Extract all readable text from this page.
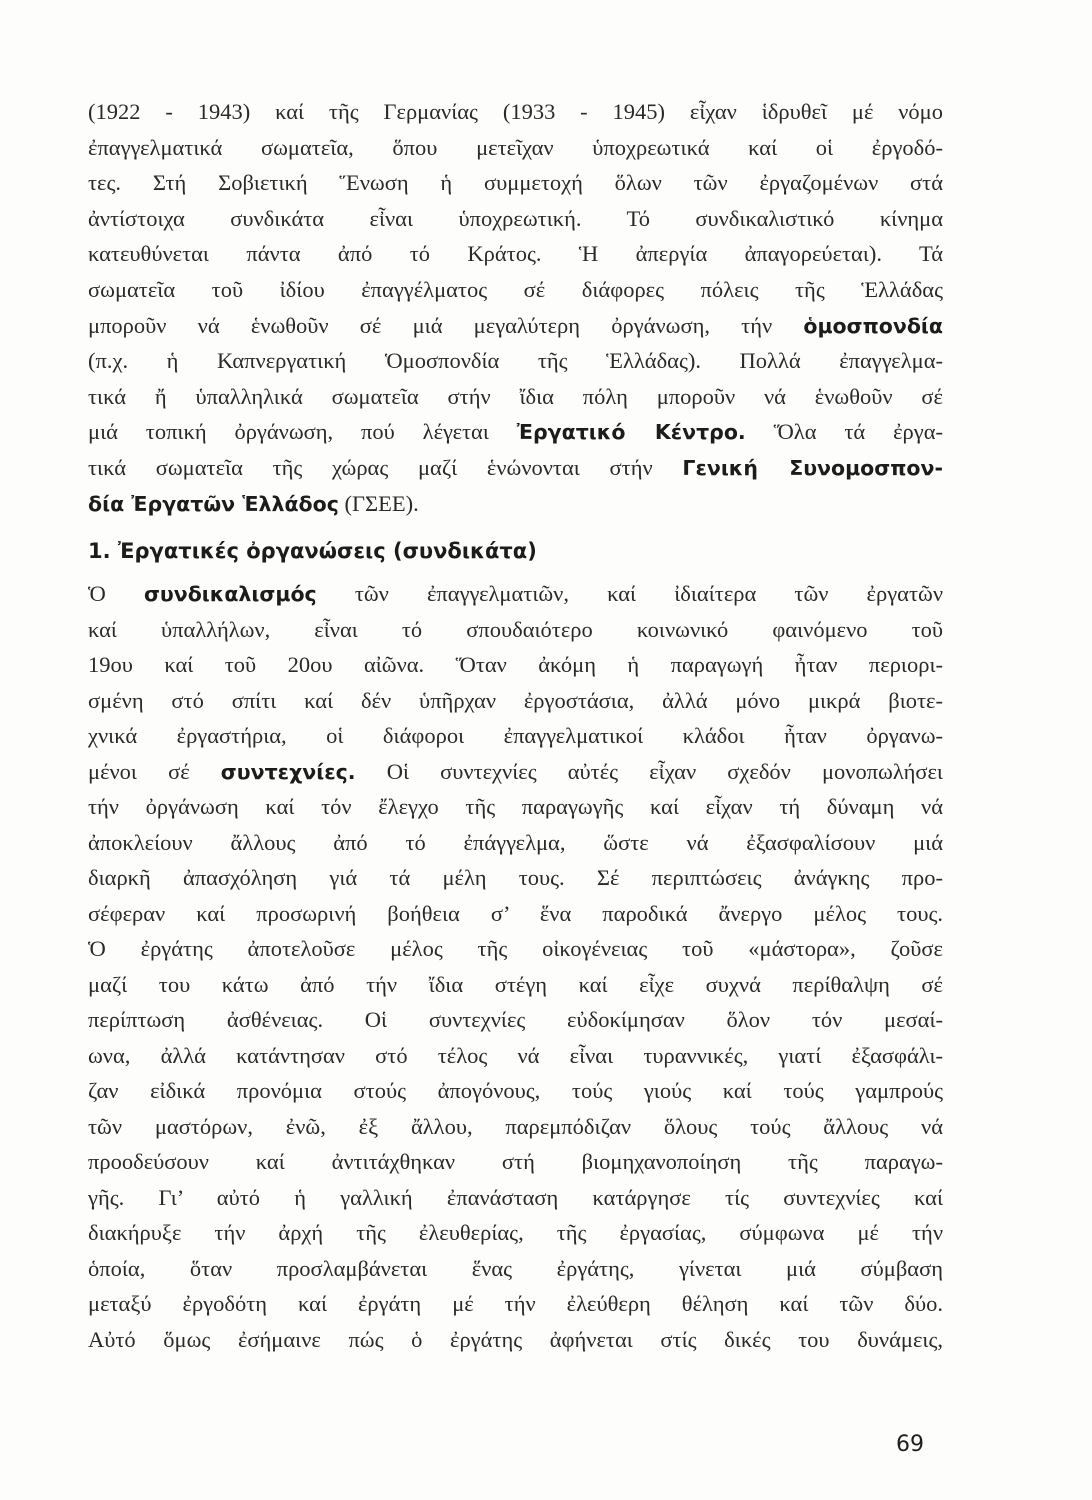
(1922 - 1943) καί τῆς Γερμανίας (1933 - 1945) εἶχαν ἱδρυθεῖ μέ νόμο
ἐπαγγελματικά σωματεῖα, ὅπου μετεῖχαν ὑποχρεωτικά καί οἱ ἐργοδό-
τες. Στή Σοβιετική Ἕνωση ἡ συμμετοχή ὅλων τῶν ἐργαζομένων στά
ἀντίστοιχα συνδικάτα εἶναι ὑποχρεωτική. Τό συνδικαλιστικό κίνημα
κατευθύνεται πάντα ἀπό τό Κράτος. Ἡ ἀπεργία ἀπαγορεύεται). Τά
σωματεῖα τοῦ ἰδίου ἐπαγγέλματος σέ διάφορες πόλεις τῆς Ἑλλάδας
μποροῦν νά ἑνωθοῦν σέ μιά μεγαλύτερη ὀργάνωση, τήν ὁμοσπονδία
(π.χ. ἡ Καπνεργατική Ὁμοσπονδία τῆς Ἑλλάδας). Πολλά ἐπαγγελμα-
τικά ἤ ὑπαλληλικά σωματεῖα στήν ἴδια πόλη μποροῦν νά ἑνωθοῦν σέ
μιά τοπική ὀργάνωση, πού λέγεται Ἐργατικό Κέντρο. Ὅλα τά ἐργα-
τικά σωματεῖα τῆς χώρας μαζί ἑνώνονται στήν Γενική Συνομοσπον-
δία Ἐργατῶν Ἑλλάδος (ΓΣΕΕ).
1. Ἐργατικές ὀργανώσεις (συνδικάτα)
Ὁ συνδικαλισμός τῶν ἐπαγγελματιῶν, καί ἰδιαίτερα τῶν ἐργατῶν
καί ὑπαλλήλων, εἶναι τό σπουδαιότερο κοινωνικό φαινόμενο τοῦ
19ου καί τοῦ 20ου αἰῶνα. Ὅταν ἀκόμη ἡ παραγωγή ἦταν περιορι-
σμένη στό σπίτι καί δέν ὑπῆρχαν ἐργοστάσια, ἀλλά μόνο μικρά βιοτε-
χνικά ἐργαστήρια, οἱ διάφοροι ἐπαγγελματικοί κλάδοι ἦταν ὀργανω-
μένοι σέ συντεχνίες. Οἱ συντεχνίες αὐτές εἶχαν σχεδόν μονοπωλήσει
τήν ὀργάνωση καί τόν ἔλεγχο τῆς παραγωγῆς καί εἶχαν τή δύναμη νά
ἀποκλείουν ἄλλους ἀπό τό ἐπάγγελμα, ὥστε νά ἐξασφαλίσουν μιά
διαρκῆ ἀπασχόληση γιά τά μέλη τους. Σέ περιπτώσεις ἀνάγκης προ-
σέφεραν καί προσωρινή βοήθεια σ’ ἕνα παροδικά ἄνεργο μέλος τους.
Ὁ ἐργάτης ἀποτελοῦσε μέλος τῆς οἰκογένειας τοῦ «μάστορα», ζοῦσε
μαζί του κάτω ἀπό τήν ἴδια στέγη καί εἶχε συχνά περίθαλψη σέ
περίπτωση ἀσθένειας. Οἱ συντεχνίες εὐδοκίμησαν ὅλον τόν μεσαί-
ωνα, ἀλλά κατάντησαν στό τέλος νά εἶναι τυραννικές, γιατί ἐξασφάλι-
ζαν εἰδικά προνόμια στούς ἀπογόνους, τούς γιούς καί τούς γαμπρούς
τῶν μαστόρων, ἐνῶ, ἐξ ἄλλου, παρεμπόδιζαν ὅλους τούς ἄλλους νά
προοδεύσουν καί ἀντιτάχθηκαν στή βιομηχανοποίηση τῆς παραγω-
γῆς. Γι’ αὐτό ἡ γαλλική ἐπανάσταση κατάργησε τίς συντεχνίες καί
διακήρυξε τήν ἀρχή τῆς ἐλευθερίας, τῆς ἐργασίας, σύμφωνα μέ τήν
ὁποία, ὅταν προσλαμβάνεται ἕνας ἐργάτης, γίνεται μιά σύμβαση
μεταξύ ἐργοδότη καί ἐργάτη μέ τήν ἐλεύθερη θέληση καί τῶν δύο.
Αὐτό ὅμως ἐσήμαινε πώς ὁ ἐργάτης ἀφήνεται στίς δικές του δυνάμεις,
69
